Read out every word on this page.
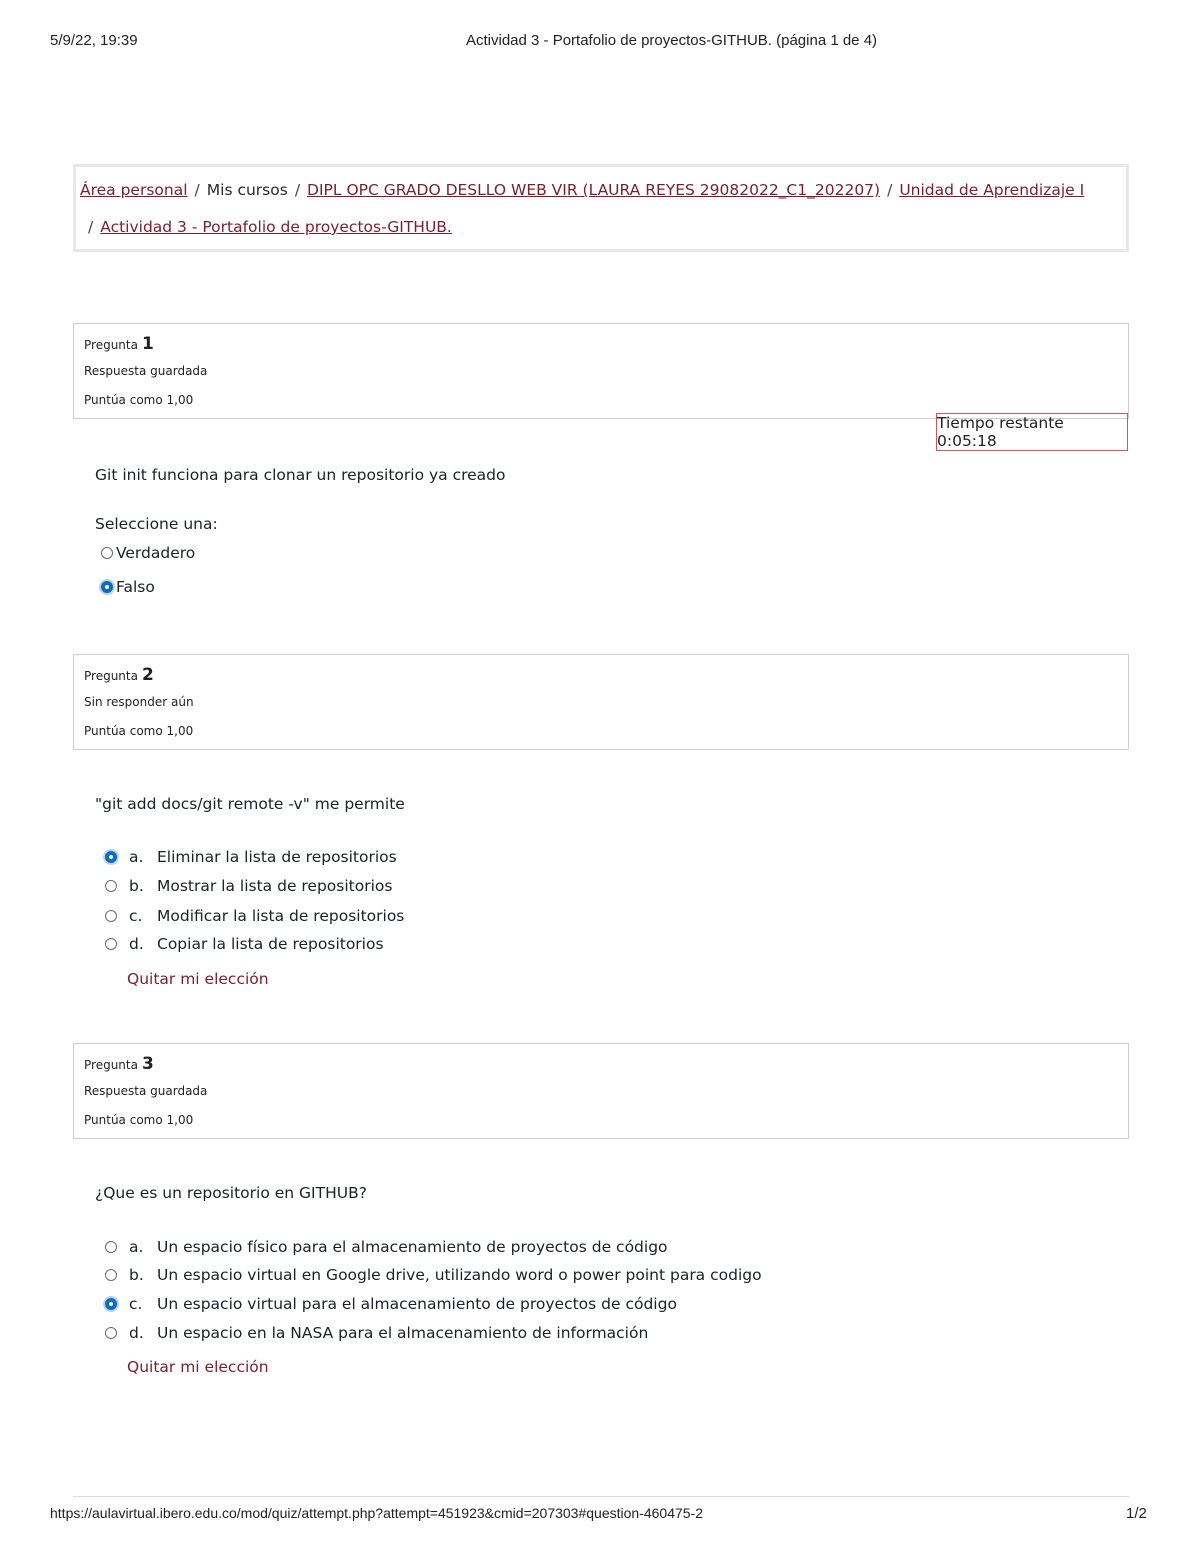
5/9/22, 19:39	Actividad 3 - Portafolio de proyectos-GITHUB. (página 1 de 4)
Área personal / Mis cursos / DIPL OPC GRADO DESLLO WEB VIR (LAURA REYES 29082022_C1_202207) / Unidad de Aprendizaje I
/ Actividad 3 - Portafolio de proyectos-GITHUB.
Pregunta 1
Respuesta guardada
Puntúa como 1,00
Tiempo restante 0:05:18
Git init funciona para clonar un repositorio ya creado
Seleccione una:
Verdadero
Falso
Pregunta 2
Sin responder aún
Puntúa como 1,00
"git add docs/git remote -v" me permite
a. Eliminar la lista de repositorios
b. Mostrar la lista de repositorios
c. Modificar la lista de repositorios
d. Copiar la lista de repositorios
Quitar mi elección
Pregunta 3
Respuesta guardada
Puntúa como 1,00
¿Que es un repositorio en GITHUB?
a. Un espacio físico para el almacenamiento de proyectos de código
b. Un espacio virtual en Google drive, utilizando word o power point para codigo
c. Un espacio virtual para el almacenamiento de proyectos de código
d. Un espacio en la NASA para el almacenamiento de información
Quitar mi elección
https://aulavirtual.ibero.edu.co/mod/quiz/attempt.php?attempt=451923&cmid=207303#question-460475-2	1/2
